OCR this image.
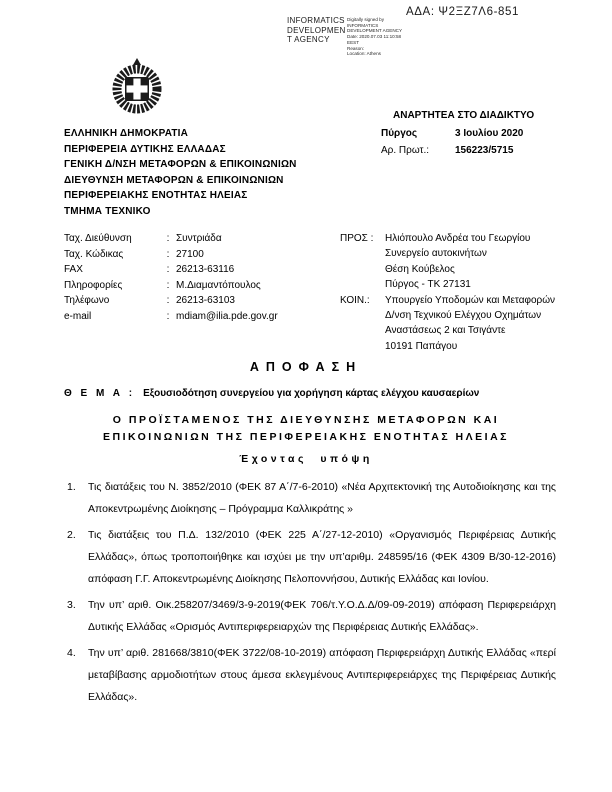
ΑΔΑ: Ψ2ΞΖ7Λ6-851
INFORMATICS
DEVELOPMEN
T AGENCY
Digitally signed by
INFORMATICS
DEVELOPMENT AGENCY
Date: 2020.07.03 11:10:58
EEST
Reason:
Location: Athens
ΕΛΛΗΝΙΚΗ ΔΗΜΟΚΡΑΤΙΑ
ΠΕΡΙΦΕΡΕΙΑ ΔΥΤΙΚΗΣ ΕΛΛΑΔΑΣ
ΓΕΝΙΚΗ Δ/ΝΣΗ ΜΕΤΑΦΟΡΩΝ & ΕΠΙΚΟΙΝΩΝΙΩΝ
ΔΙΕΥΘΥΝΣΗ ΜΕΤΑΦΟΡΩΝ & ΕΠΙΚΟΙΝΩΝΙΩΝ
ΠΕΡΙΦΕΡΕΙΑΚΗΣ ΕΝΟΤΗΤΑΣ ΗΛΕΙΑΣ
ΤΜΗΜΑ ΤΕΧΝΙΚΟ
ΑΝΑΡΤΗΤΕΑ ΣΤΟ ΔΙΑΔΙΚΤΥΟ
Πύργος	3 Ιουλίου 2020
Αρ. Πρωτ.:	156223/5715
Ταχ. Διεύθυνση	: Συντριάδα
Ταχ. Κώδικας	: 27100
FAX	: 26213-63116
Πληροφορίες	: Μ.Διαμαντόπουλος
Τηλέφωνο	: 26213-63103
e-mail	: mdiam@ilia.pde.gov.gr
ΠΡΟΣ :	Ηλιόπουλο Ανδρέα του Γεωργίου
Συνεργείο αυτοκινήτων
Θέση Κούβελος
Πύργος - ΤΚ 27131
ΚΟΙΝ.:	Υπουργείο Υποδομών και Μεταφορών
Δ/νση Τεχνικού Ελέγχου Οχημάτων
Αναστάσεως 2 και Τσιγάντε
10191 Παπάγου
ΑΠΟΦΑΣΗ
Θ Ε Μ Α : Εξουσιοδότηση συνεργείου για χορήγηση κάρτας ελέγχου καυσαερίων
Ο ΠΡΟΪΣΤΑΜΕΝΟΣ ΤΗΣ ΔΙΕΥΘΥΝΣΗΣ ΜΕΤΑΦΟΡΩΝ ΚΑΙ
ΕΠΙΚΟΙΝΩΝΙΩΝ ΤΗΣ ΠΕΡΙΦΕΡΕΙΑΚΗΣ ΕΝΟΤΗΤΑΣ ΗΛΕΙΑΣ
Έχοντας υπόψη
Τις διατάξεις του Ν. 3852/2010 (ΦΕΚ 87 Α΄/7-6-2010) «Νέα Αρχιτεκτονική της Αυτοδιοίκησης και της Αποκεντρωμένης Διοίκησης – Πρόγραμμα Καλλικράτης »
Τις διατάξεις του Π.Δ. 132/2010 (ΦΕΚ 225 Α΄/27-12-2010) «Οργανισμός Περιφέρειας Δυτικής Ελλάδας», όπως τροποποιήθηκε και ισχύει με την υπ’αριθμ. 248595/16 (ΦΕΚ 4309 Β/30-12-2016) απόφαση Γ.Γ. Αποκεντρωμένης Διοίκησης Πελοποννήσου, Δυτικής Ελλάδας και Ιονίου.
Την υπ’ αριθ. Οικ.258207/3469/3-9-2019(ΦΕΚ 706/τ.Υ.Ο.Δ.Δ/09-09-2019) απόφαση Περιφερειάρχη Δυτικής Ελλάδας «Ορισμός Αντιπεριφερειαρχών της Περιφέρειας Δυτικής Ελλάδας».
Την υπ’ αριθ. 281668/3810(ΦΕΚ 3722/08-10-2019) απόφαση Περιφερειάρχη Δυτικής Ελλάδας «περί μεταβίβασης αρμοδιοτήτων στους άμεσα εκλεγμένους Αντιπεριφερειάρχες της Περιφέρειας Δυτικής Ελλάδας».
